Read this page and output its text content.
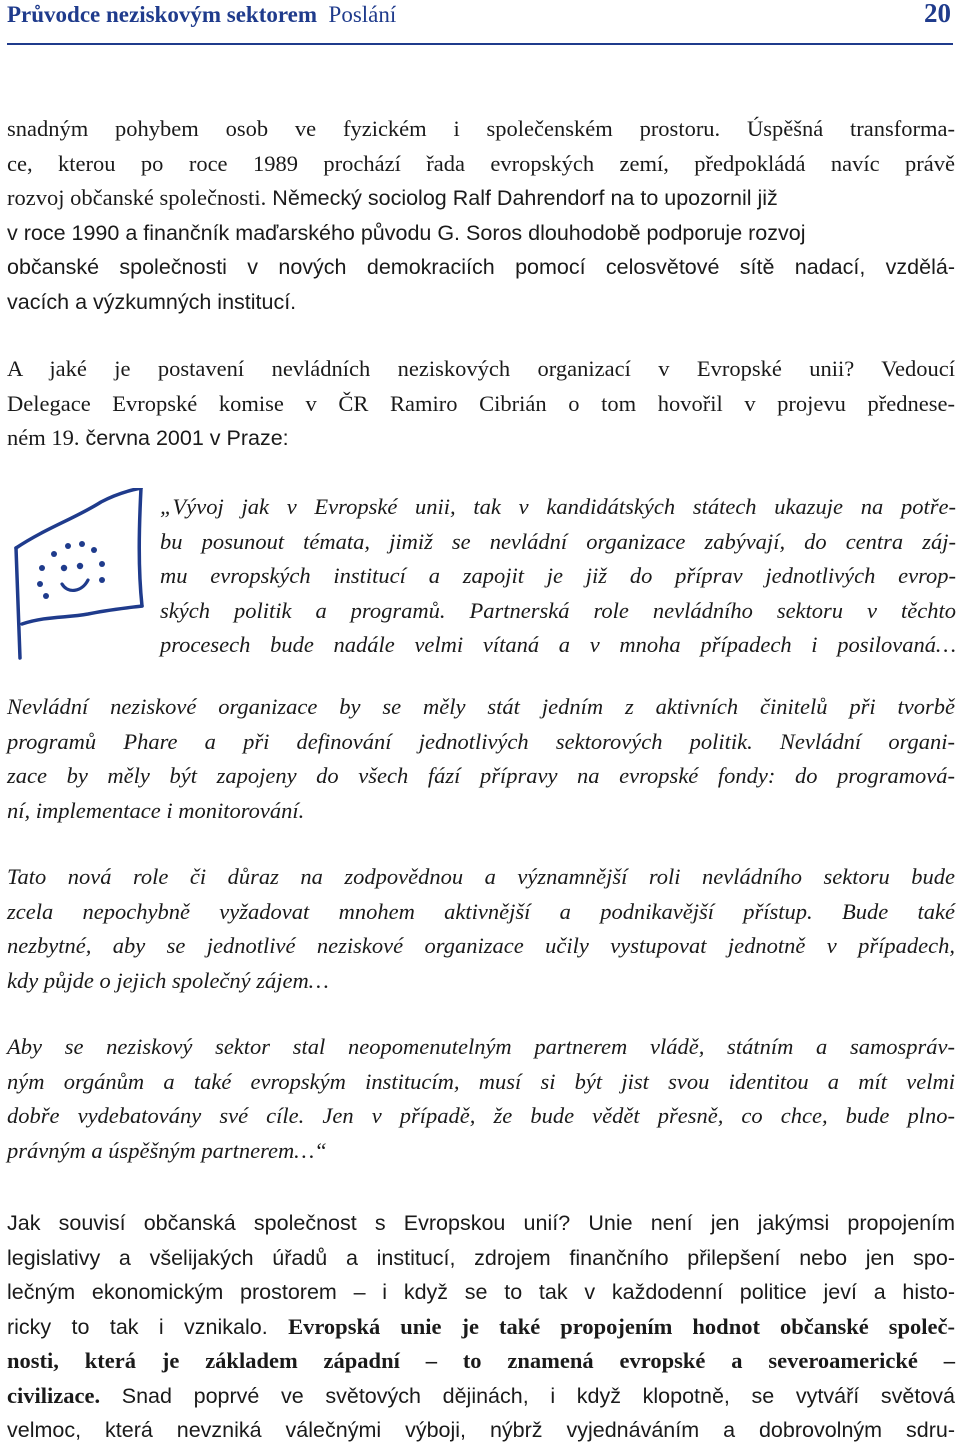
Průvodce neziskovým sektorem Poslání	20
snadným pohybem osob ve fyzickém i společenském prostoru. Úspěšná transforma-
ce, kterou po roce 1989 prochází řada evropských zemí, předpokládá navíc právě
rozvoj občanské společnosti. Německý sociolog Ralf Dahrendorf na to upozornil již
v roce 1990 a finančník maďarského původu G. Soros dlouhodobě podporuje rozvoj
občanské společnosti v nových demokraciích pomocí celosvětové sítě nadací, vzdělá-
vacích a výzkumných institucí.
A jaké je postavení nevládních neziskových organizací v Evropské unii? Vedoucí
Delegace Evropské komise v ČR Ramiro Cibrián o tom hovořil v projevu přednese-
ném 19. června 2001 v Praze:
„Vývoj jak v Evropské unii, tak v kandidátských státech ukazuje na potře-
bu posunout témata, jimiž se nevládní organizace zabývají, do centra záj-
mu evropských institucí a zapojit je již do příprav jednotlivých evrop-
ských politik a programů. Partnerská role nevládního sektoru v těchto
procesech bude nadále velmi vítaná a v mnoha případech i posilovaná…
Nevládní neziskové organizace by se měly stát jedním z aktivních činitelů při tvorbě
programů Phare a při definování jednotlivých sektorových politik. Nevládní organi-
zace by měly být zapojeny do všech fází přípravy na evropské fondy: do programová-
ní, implementace i monitorování.
Tato nová role či důraz na zodpovědnou a významnější roli nevládního sektoru bude
zcela nepochybně vyžadovat mnohem aktivnější a podnikavější přístup. Bude také
nezbytné, aby se jednotlivé neziskové organizace učily vystupovat jednotně v případech,
kdy půjde o jejich společný zájem…
Aby se neziskový sektor stal neopomenutelným partnerem vládě, státním a samospráv-
ným orgánům a také evropským institucím, musí si být jist svou identitou a mít velmi
dobře vydebatovány své cíle. Jen v případě, že bude vědět přesně, co chce, bude plno-
právným a úspěšným partnerem…“
Jak souvisí občanská společnost s Evropskou unií? Unie není jen jakýmsi propojením
legislativy a všelijakých úřadů a institucí, zdrojem finančního přilepšení nebo jen spo-
lečným ekonomickým prostorem – i když se to tak v každodenní politice jeví a histo-
ricky to tak i vznikalo. Evropská unie je také propojením hodnot občanské společ-
nosti, která je základem západní – to znamená evropské a severoamerické –
civilizace. Snad poprvé ve světových dějinách, i když klopotně, se vytváří světová
velmoc, která nevzniká válečnými výboji, nýbrž vyjednáváním a dobrovolným sdru-
